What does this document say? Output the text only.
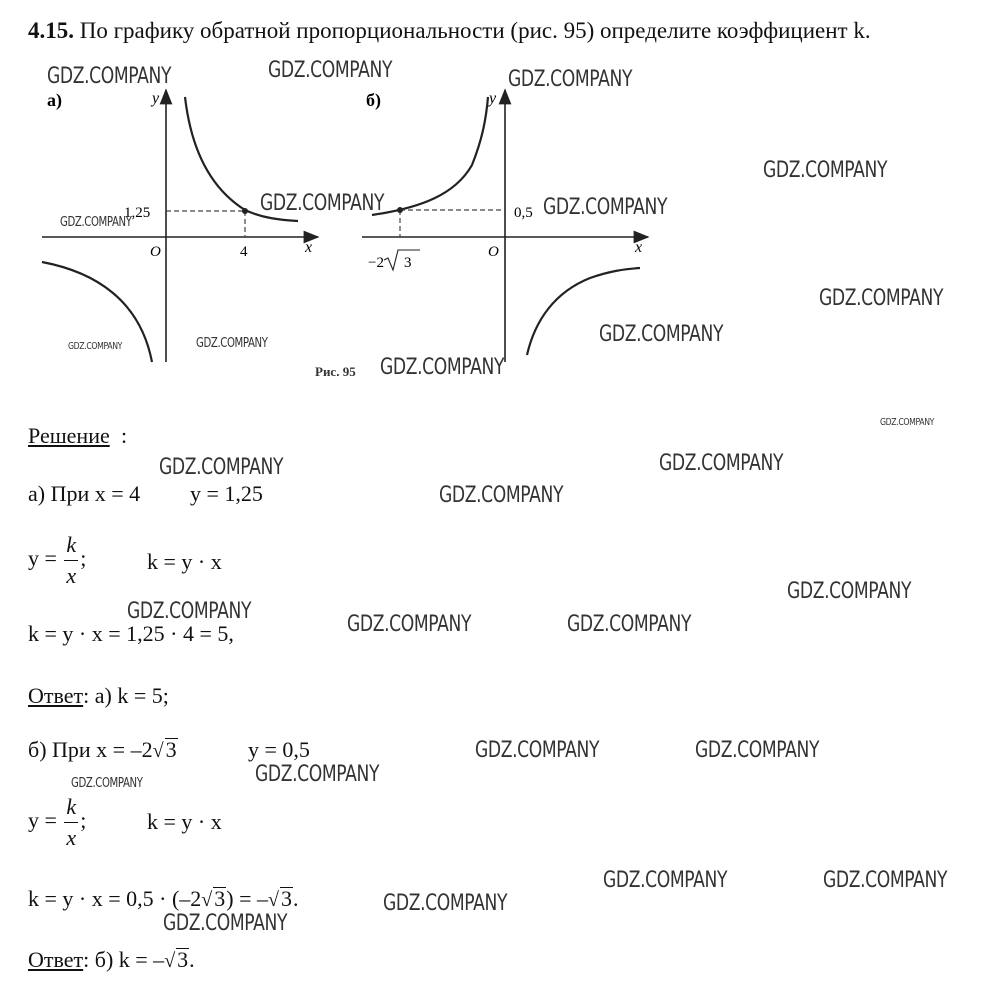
4.15. По графику обратной пропорциональности (рис. 95) определите коэффициент k.
а)	y
x
O
1,25
4
б)	y
x
O
0,5
−2 3
Рис. 95
Решение :
а) При x = 4 y = 1,25
$y = \frac{k}{x}$ ;	k = y · x
k = y · x = 1,25 · 4 = 5,
Ответ: а) k = 5;
б) При x = –2√3	y = 0,5
$y = \frac{k}{x}$ ;	k = y · x
k = y · x = 0,5 · (–2√3) = –√3.
Ответ: б) k = –√3.
GDZ.COMPANY	GDZ.COMPANY	GDZ.COMPANY
GDZ.COMPANY
GDZ.COMPANY	GDZ.COMPANY
GDZ.COMPANY
GDZ.COMPANY
GDZ.COMPANY
GDZ.COMPANY	GDZ.COMPANY
GDZ.COMPANY
GDZ.COMPANY
GDZ.COMPANY	GDZ.COMPANY
GDZ.COMPANY
GDZ.COMPANY
GDZ.COMPANY
GDZ.COMPANY	GDZ.COMPANY
GDZ.COMPANY	GDZ.COMPANY
GDZ.COMPANY
GDZ.COMPANY
GDZ.COMPANY	GDZ.COMPANY
GDZ.COMPANY
GDZ.COMPANY
